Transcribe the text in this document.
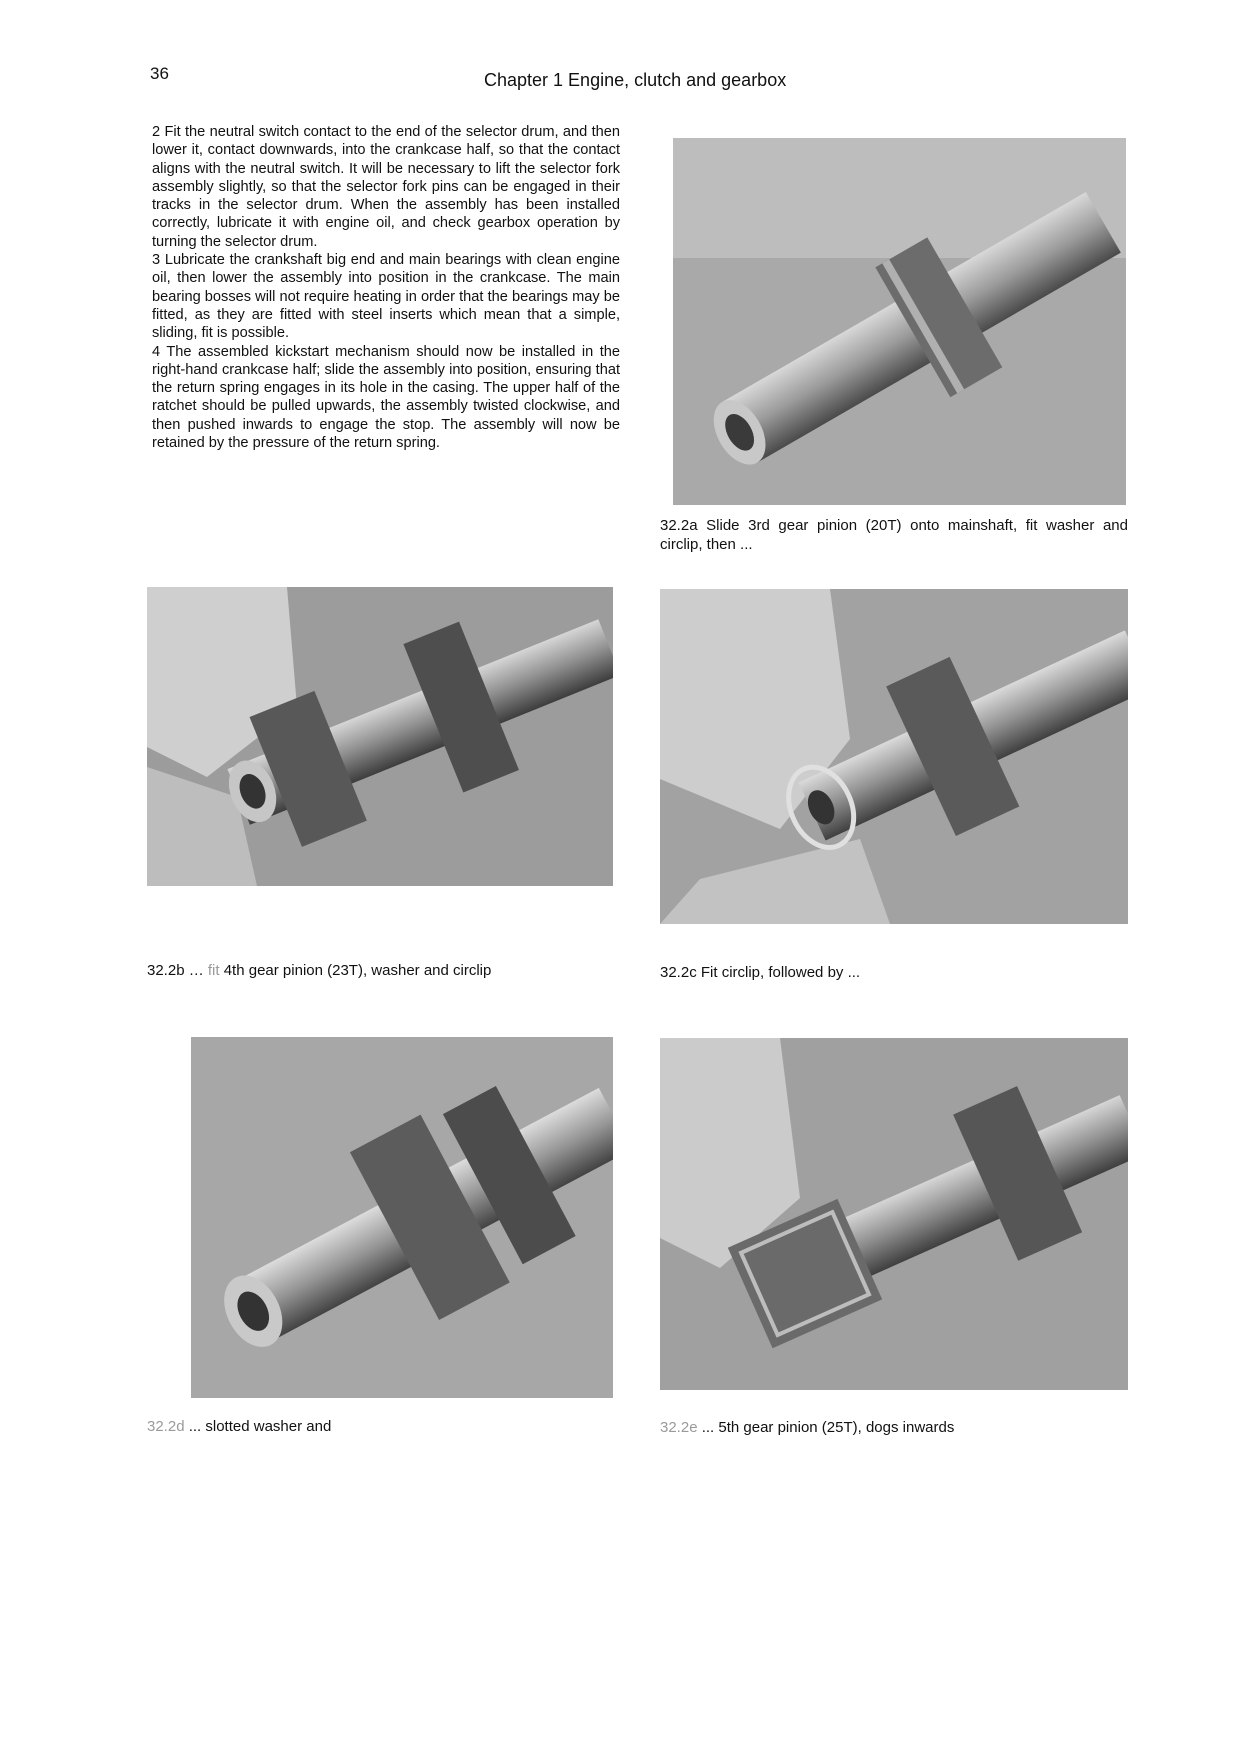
36	Chapter 1 Engine, clutch and gearbox

2 Fit the neutral switch contact to the end of the selector drum, and then lower it, contact downwards, into the crankcase half, so that the contact aligns with the neutral switch. It will be necessary to lift the selector fork assembly slightly, so that the selector fork pins can be engaged in their tracks in the selector drum. When the assembly has been installed correctly, lubricate it with engine oil, and check gearbox operation by turning the selector drum.

3 Lubricate the crankshaft big end and main bearings with clean engine oil, then lower the assembly into position in the crankcase. The main bearing bosses will not require heating in order that the bearings may be fitted, as they are fitted with steel inserts which mean that a simple, sliding, fit is possible.

4 The assembled kickstart mechanism should now be installed in the right-hand crankcase half; slide the assembly into position, ensuring that the return spring engages in its hole in the casing. The upper half of the ratchet should be pulled upwards, the assembly twisted clockwise, and then pushed inwards to engage the stop. The assembly will now be retained by the pressure of the return spring.

32.2a Slide 3rd gear pinion (20T) onto mainshaft, fit washer and circlip, then ...
32.2b … fit 4th gear pinion (23T), washer and circlip	32.2c Fit circlip, followed by ...
32.2d ... slotted washer and	32.2e ... 5th gear pinion (25T), dogs inwards
